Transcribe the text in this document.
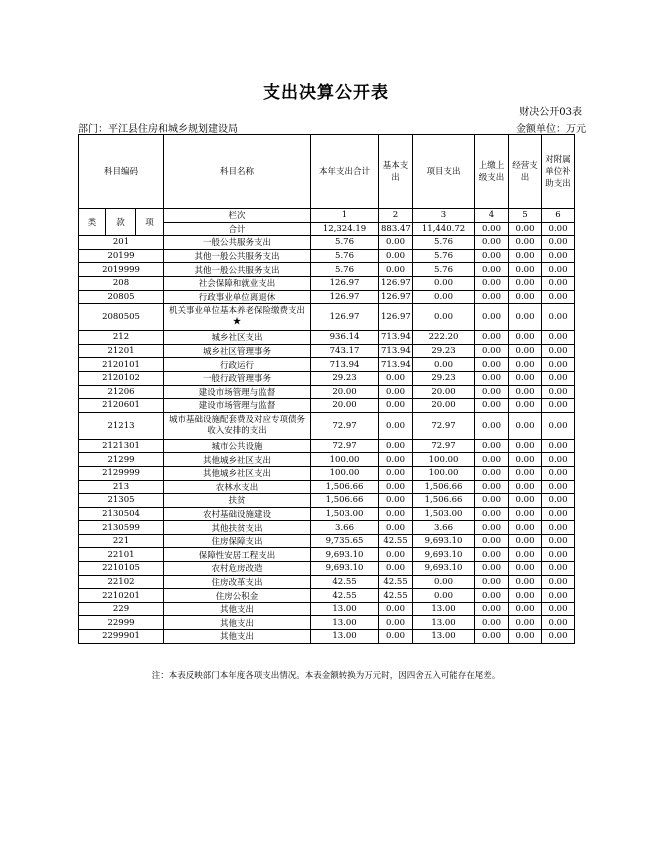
支出决算公开表
财决公开03表
部门：平江县住房和城乡规划建设局	金额单位：万元
科目编码			科目名称	本年支出合计	基本支出	项目支出	上缴上级支出	经营支出	对附属单位补助支出
类	款	项	栏次	1	2	3	4	5	6
			合计	12,324.19	883.47	11,440.72	0.00	0.00	0.00
201			一般公共服务支出	5.76	0.00	5.76	0.00	0.00	0.00
20199			其他一般公共服务支出	5.76	0.00	5.76	0.00	0.00	0.00
2019999			其他一般公共服务支出	5.76	0.00	5.76	0.00	0.00	0.00
208			社会保障和就业支出	126.97	126.97	0.00	0.00	0.00	0.00
20805			行政事业单位离退休	126.97	126.97	0.00	0.00	0.00	0.00
2080505			机关事业单位基本养老保险缴费支出★	126.97	126.97	0.00	0.00	0.00	0.00
212			城乡社区支出	936.14	713.94	222.20	0.00	0.00	0.00
21201			城乡社区管理事务	743.17	713.94	29.23	0.00	0.00	0.00
2120101			行政运行	713.94	713.94	0.00	0.00	0.00	0.00
2120102			一般行政管理事务	29.23	0.00	29.23	0.00	0.00	0.00
21206			建设市场管理与监督	20.00	0.00	20.00	0.00	0.00	0.00
2120601			建设市场管理与监督	20.00	0.00	20.00	0.00	0.00	0.00
21213			城市基础设施配套费及对应专项债务收入安排的支出	72.97	0.00	72.97	0.00	0.00	0.00
2121301			城市公共设施	72.97	0.00	72.97	0.00	0.00	0.00
21299			其他城乡社区支出	100.00	0.00	100.00	0.00	0.00	0.00
2129999			其他城乡社区支出	100.00	0.00	100.00	0.00	0.00	0.00
213			农林水支出	1,506.66	0.00	1,506.66	0.00	0.00	0.00
21305			扶贫	1,506.66	0.00	1,506.66	0.00	0.00	0.00
2130504			农村基础设施建设	1,503.00	0.00	1,503.00	0.00	0.00	0.00
2130599			其他扶贫支出	3.66	0.00	3.66	0.00	0.00	0.00
221			住房保障支出	9,735.65	42.55	9,693.10	0.00	0.00	0.00
22101			保障性安居工程支出	9,693.10	0.00	9,693.10	0.00	0.00	0.00
2210105			农村危房改造	9,693.10	0.00	9,693.10	0.00	0.00	0.00
22102			住房改革支出	42.55	42.55	0.00	0.00	0.00	0.00
2210201			住房公积金	42.55	42.55	0.00	0.00	0.00	0.00
229			其他支出	13.00	0.00	13.00	0.00	0.00	0.00
22999			其他支出	13.00	0.00	13.00	0.00	0.00	0.00
2299901			其他支出	13.00	0.00	13.00	0.00	0.00	0.00
注：本表反映部门本年度各项支出情况。本表金额转换为万元时，因四舍五入可能存在尾差。
